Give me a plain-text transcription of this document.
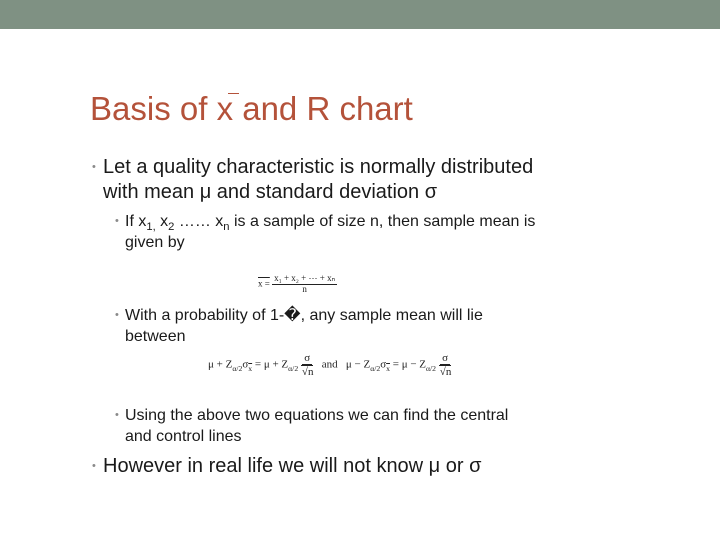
Basis of x and R chart
• Let a quality characteristic is normally distributed
with mean μ and standard deviation σ
• If $x_{1,}$ $x_2$ …… $x_n$ is a sample of size n, then sample mean is
given by
$x = \frac{\text{x₁ + x₂ + ⋯ + xₙ}}{n}$
• With a probability of 1-�, any sample mean will lie
between
$\mu + Z_{\alpha/2}\sigma_{\overline{x}} = \mu + Z_{\alpha/2} \frac{\sigma}{√n}$ and $\mu - Z_{\alpha/2}\sigma_{\overline{x}} = \mu - Z_{\alpha/2} \frac{\sigma}{√n}$
• Using the above two equations we can find the central
and control lines
• However in real life we will not know μ or σ
